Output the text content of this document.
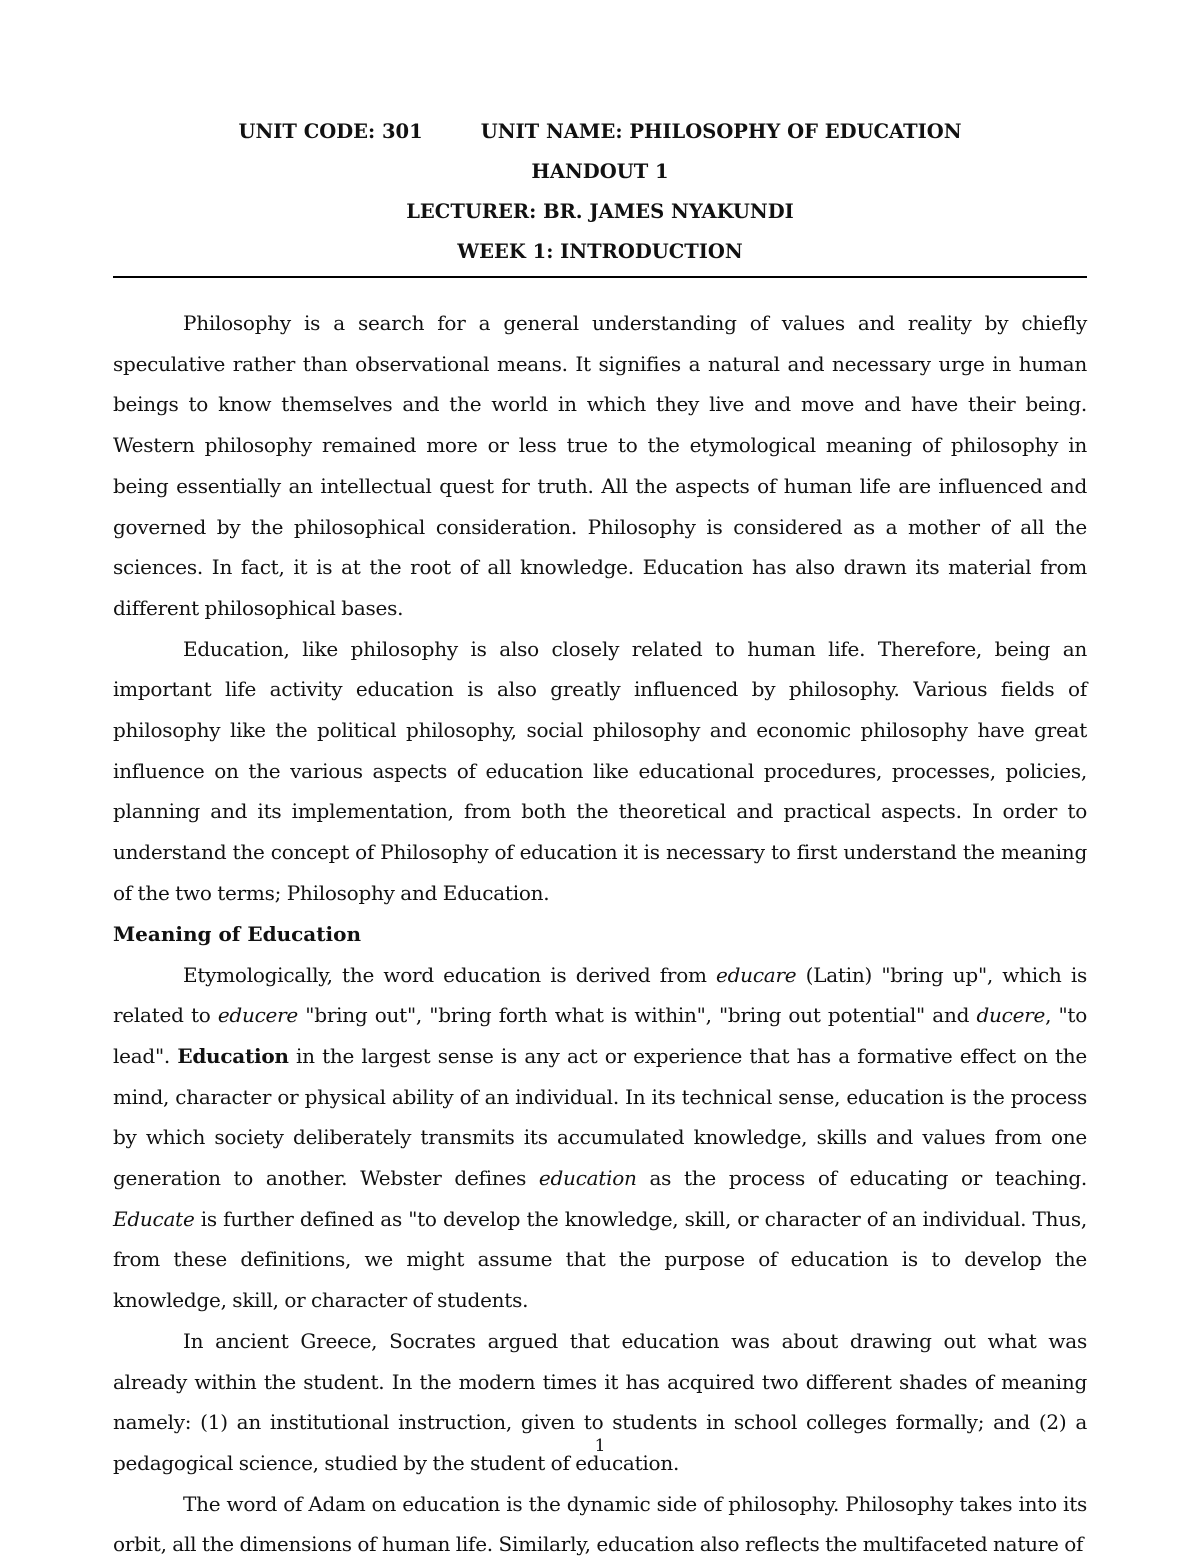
UNIT CODE: 301	UNIT NAME: PHILOSOPHY OF EDUCATION
HANDOUT 1
LECTURER: BR. JAMES NYAKUNDI
WEEK 1: INTRODUCTION

Philosophy is a search for a general understanding of values and reality by chiefly speculative rather than observational means. It signifies a natural and necessary urge in human beings to know themselves and the world in which they live and move and have their being. Western philosophy remained more or less true to the etymological meaning of philosophy in being essentially an intellectual quest for truth. All the aspects of human life are influenced and governed by the philosophical consideration. Philosophy is considered as a mother of all the sciences. In fact, it is at the root of all knowledge. Education has also drawn its material from different philosophical bases.

Education, like philosophy is also closely related to human life. Therefore, being an important life activity education is also greatly influenced by philosophy. Various fields of philosophy like the political philosophy, social philosophy and economic philosophy have great influence on the various aspects of education like educational procedures, processes, policies, planning and its implementation, from both the theoretical and practical aspects. In order to understand the concept of Philosophy of education it is necessary to first understand the meaning of the two terms; Philosophy and Education.

Meaning of Education

Etymologically, the word education is derived from educare (Latin) "bring up", which is related to educere "bring out", "bring forth what is within", "bring out potential" and ducere, "to lead". Education in the largest sense is any act or experience that has a formative effect on the mind, character or physical ability of an individual. In its technical sense, education is the process by which society deliberately transmits its accumulated knowledge, skills and values from one generation to another. Webster defines education as the process of educating or teaching. Educate is further defined as "to develop the knowledge, skill, or character of an individual. Thus, from these definitions, we might assume that the purpose of education is to develop the knowledge, skill, or character of students.

In ancient Greece, Socrates argued that education was about drawing out what was already within the student. In the modern times it has acquired two different shades of meaning namely: (1) an institutional instruction, given to students in school colleges formally; and (2) a pedagogical science, studied by the student of education.

The word of Adam on education is the dynamic side of philosophy. Philosophy takes into its orbit, all the dimensions of human life. Similarly, education also reflects the multifaceted nature of

1
